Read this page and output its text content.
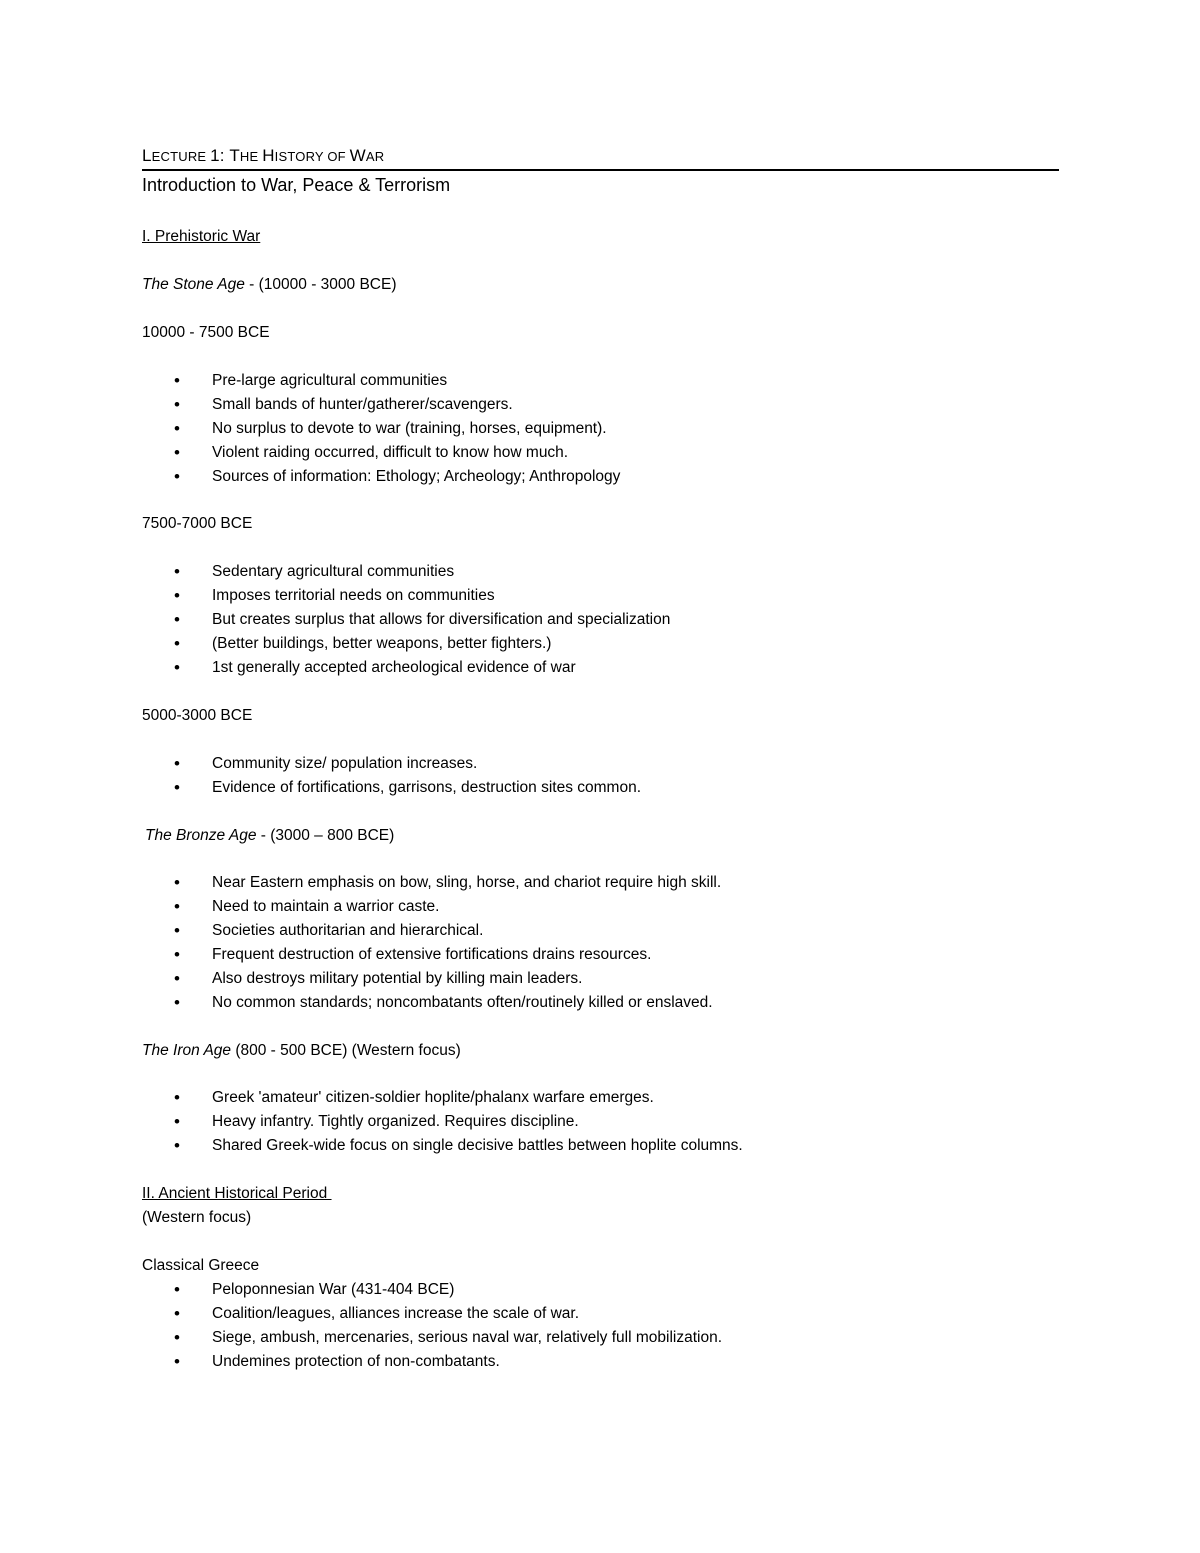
LECTURE 1: THE HISTORY OF WAR
Introduction to War, Peace & Terrorism
I. Prehistoric War
The Stone Age - (10000 - 3000 BCE)
10000 - 7500 BCE
• Pre-large agricultural communities
• Small bands of hunter/gatherer/scavengers.
• No surplus to devote to war (training, horses, equipment).
• Violent raiding occurred, difficult to know how much.
• Sources of information: Ethology; Archeology; Anthropology
7500-7000 BCE
• Sedentary agricultural communities
• Imposes territorial needs on communities
• But creates surplus that allows for diversification and specialization
• (Better buildings, better weapons, better fighters.)
• 1st generally accepted archeological evidence of war
5000-3000 BCE
• Community size/ population increases.
• Evidence of fortifications, garrisons, destruction sites common.
The Bronze Age - (3000 – 800 BCE)
• Near Eastern emphasis on bow, sling, horse, and chariot require high skill.
• Need to maintain a warrior caste.
• Societies authoritarian and hierarchical.
• Frequent destruction of extensive fortifications drains resources.
• Also destroys military potential by killing main leaders.
• No common standards; noncombatants often/routinely killed or enslaved.
The Iron Age (800 - 500 BCE) (Western focus)
• Greek 'amateur' citizen-soldier hoplite/phalanx warfare emerges.
• Heavy infantry. Tightly organized. Requires discipline.
• Shared Greek-wide focus on single decisive battles between hoplite columns.
II. Ancient Historical Period
(Western focus)
Classical Greece
• Peloponnesian War (431-404 BCE)
• Coalition/leagues, alliances increase the scale of war.
• Siege, ambush, mercenaries, serious naval war, relatively full mobilization.
• Undemines protection of non-combatants.
